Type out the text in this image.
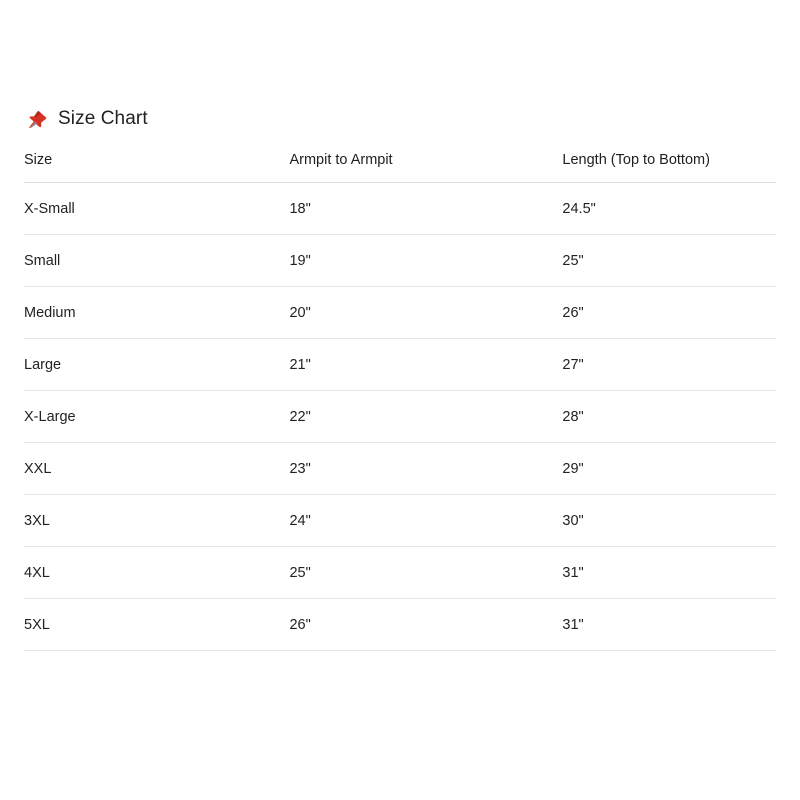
Size Chart
Size	Armpit to Armpit	Length (Top to Bottom)
X-Small	18"	24.5"
Small	19"	25"
Medium	20"	26"
Large	21"	27"
X-Large	22"	28"
XXL	23"	29"
3XL	24"	30"
4XL	25"	31"
5XL	26"	31"
